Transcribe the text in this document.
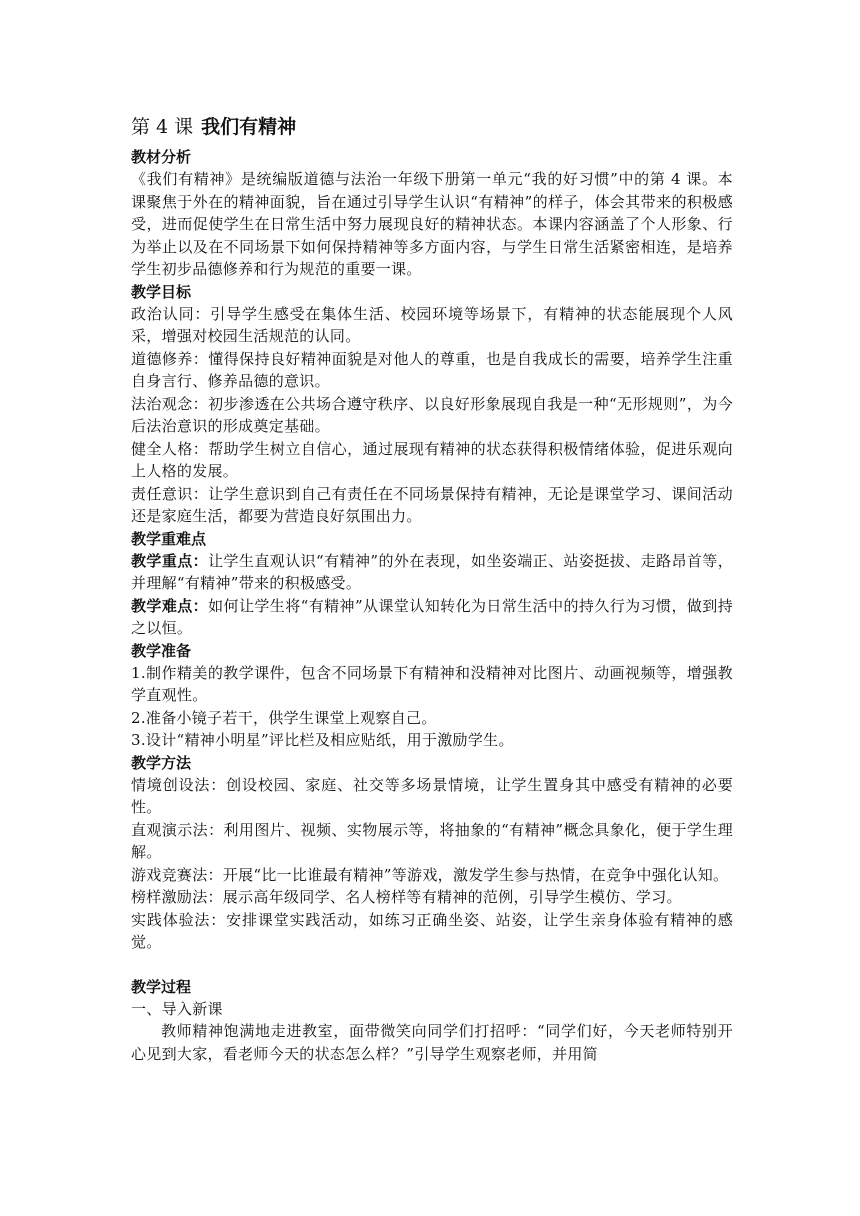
第 4 课 我们有精神
教材分析
《我们有精神》是统编版道德与法治一年级下册第一单元“我的好习惯”中的第 4 课。本课聚焦于外在的精神面貌，旨在通过引导学生认识“有精神”的样子，体会其带来的积极感受，进而促使学生在日常生活中努力展现良好的精神状态。本课内容涵盖了个人形象、行为举止以及在不同场景下如何保持精神等多方面内容，与学生日常生活紧密相连，是培养学生初步品德修养和行为规范的重要一课。
教学目标
政治认同：引导学生感受在集体生活、校园环境等场景下，有精神的状态能展现个人风采，增强对校园生活规范的认同。
道德修养：懂得保持良好精神面貌是对他人的尊重，也是自我成长的需要，培养学生注重自身言行、修养品德的意识。
法治观念：初步渗透在公共场合遵守秩序、以良好形象展现自我是一种“无形规则”，为今后法治意识的形成奠定基础。
健全人格：帮助学生树立自信心，通过展现有精神的状态获得积极情绪体验，促进乐观向上人格的发展。
责任意识：让学生意识到自己有责任在不同场景保持有精神，无论是课堂学习、课间活动还是家庭生活，都要为营造良好氛围出力。
教学重难点
教学重点：让学生直观认识“有精神”的外在表现，如坐姿端正、站姿挺拔、走路昂首等，并理解“有精神”带来的积极感受。
教学难点：如何让学生将“有精神”从课堂认知转化为日常生活中的持久行为习惯，做到持之以恒。
教学准备
1.制作精美的教学课件，包含不同场景下有精神和没精神对比图片、动画视频等，增强教学直观性。
2.准备小镜子若干，供学生课堂上观察自己。
3.设计“精神小明星”评比栏及相应贴纸，用于激励学生。
教学方法
情境创设法：创设校园、家庭、社交等多场景情境，让学生置身其中感受有精神的必要性。
直观演示法：利用图片、视频、实物展示等，将抽象的“有精神”概念具象化，便于学生理解。
游戏竞赛法：开展“比一比谁最有精神”等游戏，激发学生参与热情，在竞争中强化认知。
榜样激励法：展示高年级同学、名人榜样等有精神的范例，引导学生模仿、学习。
实践体验法：安排课堂实践活动，如练习正确坐姿、站姿，让学生亲身体验有精神的感觉。
教学过程
一、导入新课
教师精神饱满地走进教室，面带微笑向同学们打招呼：“同学们好，今天老师特别开心见到大家，看老师今天的状态怎么样？”引导学生观察老师，并用简
